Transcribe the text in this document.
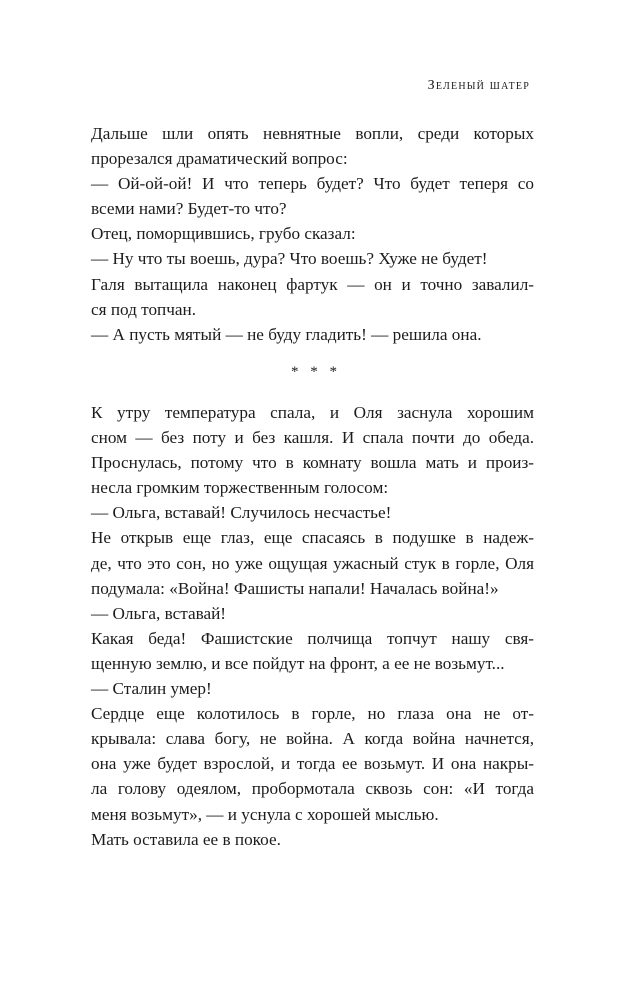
Зеленый шатер

Дальше шли опять невнятные вопли, среди которых
прорезался драматический вопрос:

— Ой-ой-ой! И что теперь будет? Что будет теперя со
всеми нами? Будет-то что?

Отец, поморщившись, грубо сказал:

— Ну что ты воешь, дура? Что воешь? Хуже не будет!

Галя вытащила наконец фартук — он и точно завалил-
ся под топчан.

— А пусть мятый — не буду гладить! — решила она.

* * *

К утру температура спала, и Оля заснула хорошим
сном — без поту и без кашля. И спала почти до обеда.
Проснулась, потому что в комнату вошла мать и произ-
несла громким торжественным голосом:

— Ольга, вставай! Случилось несчастье!

Не открыв еще глаз, еще спасаясь в подушке в надеж-
де, что это сон, но уже ощущая ужасный стук в горле, Оля
подумала: «Война! Фашисты напали! Началась война!»

— Ольга, вставай!

Какая беда! Фашистские полчища топчут нашу свя-
щенную землю, и все пойдут на фронт, а ее не возьмут...

— Сталин умер!

Сердце еще колотилось в горле, но глаза она не от-
крывала: слава богу, не война. А когда война начнется,
она уже будет взрослой, и тогда ее возьмут. И она накры-
ла голову одеялом, пробормотала сквозь сон: «И тогда
меня возьмут», — и уснула с хорошей мыслью.

Мать оставила ее в покое.
